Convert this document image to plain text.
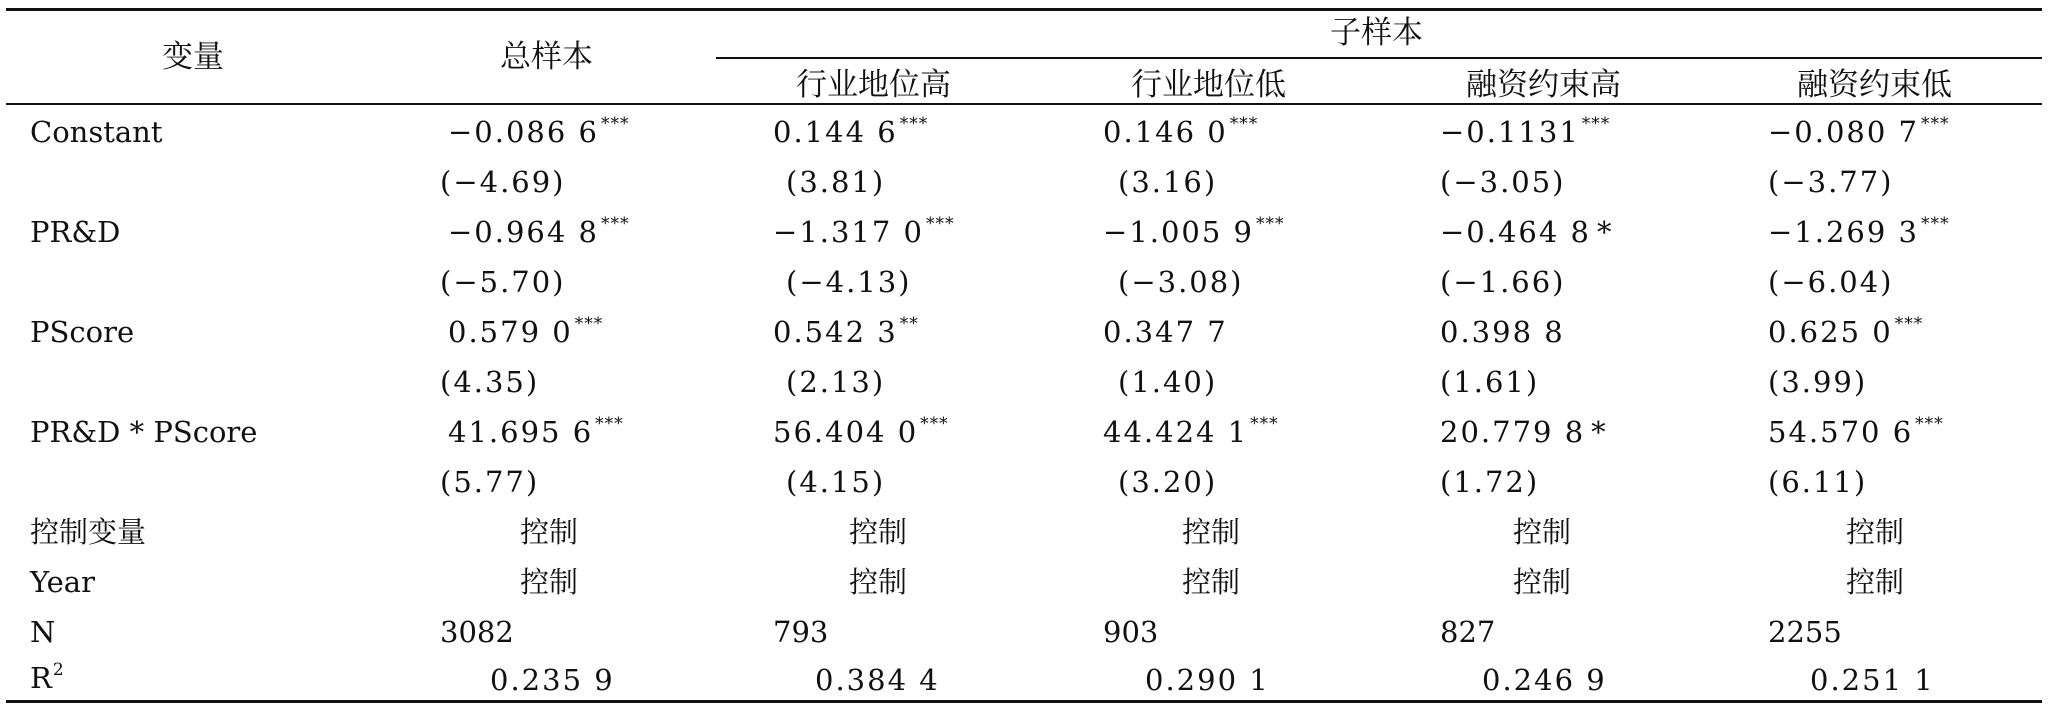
变量	总样本
子样本
行业地位高	行业地位低	融资约束高	融资约束低
Constant	−0.086 6 ***	0.144 6 ***	0.146 0 ***	−0.1131 ***	−0.080 7 ***
(−4.69)	(3.81)	(3.16)	(−3.05)	(−3.77)
PR&D	−0.964 8 ***	−1.317 0 ***	−1.005 9 ***	−0.464 8 *	−1.269 3 ***
(−5.70)	(−4.13)	(−3.08)	(−1.66)	(−6.04)
PScore	0.579 0 ***	0.542 3 **	0.347 7	0.398 8	0.625 0 ***
(4.35)	(2.13)	(1.40)	(1.61)	(3.99)
PR&D * PScore	41.695 6 ***	56.404 0 ***	44.424 1 ***	20.779 8 *	54.570 6 ***
(5.77)	(4.15)	(3.20)	(1.72)	(6.11)
控制变量	控制	控制	控制	控制	控制
Year	控制	控制	控制	控制	控制
N	3082	793	903	827	2255
$R^2$	0.235 9	0.384 4	0.290 1	0.246 9	0.251 1
